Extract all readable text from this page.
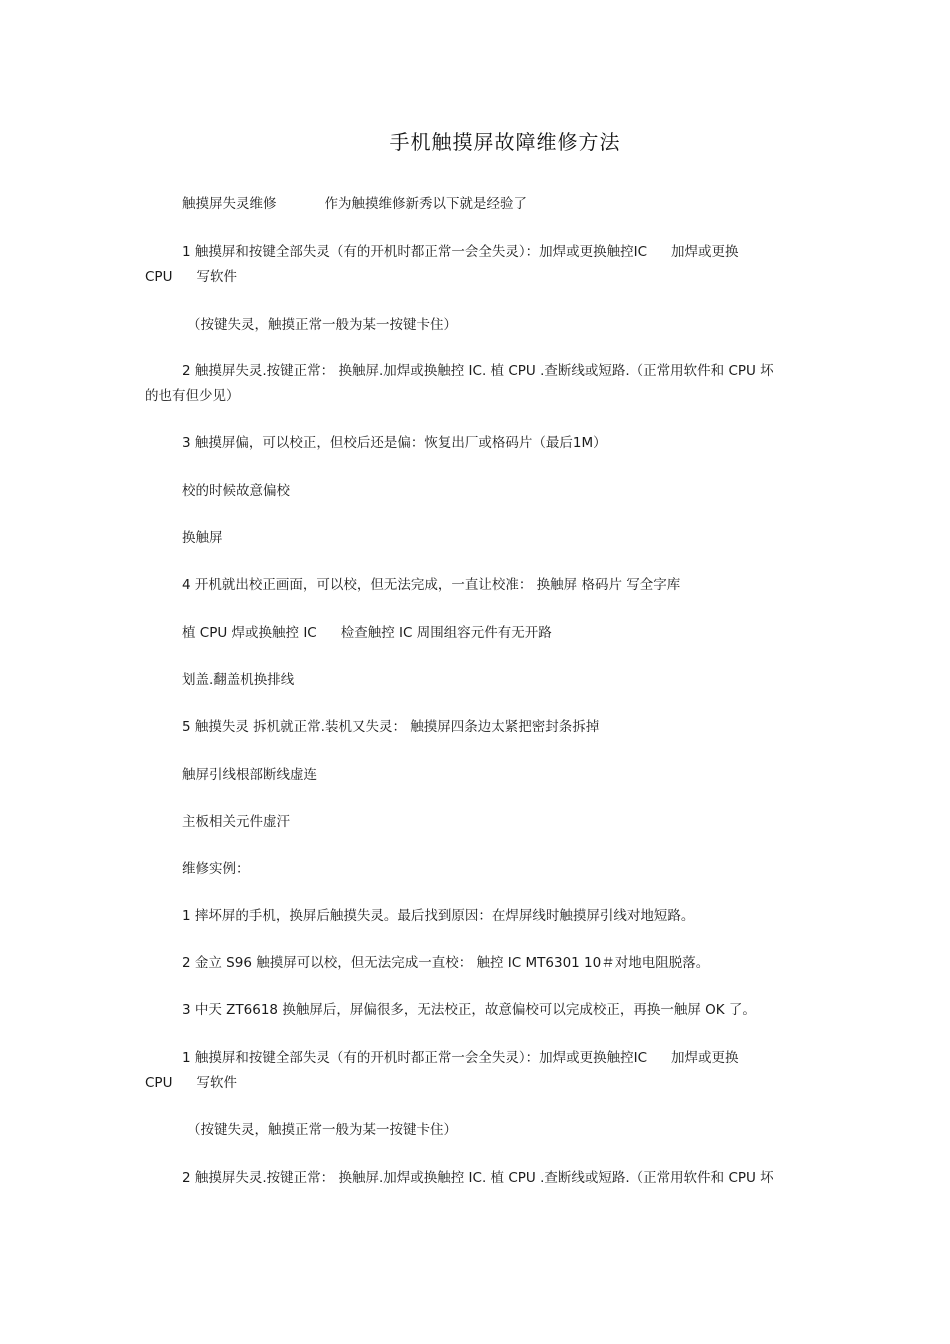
手机触摸屏故障维修方法
触摸屏失灵维修	作为触摸维修新秀以下就是经验了
1 触摸屏和按键全部失灵（有的开机时都正常一会全失灵）：加焊或更换触控IC 加焊或更换
CPU 写软件
（按键失灵，触摸正常一般为某一按键卡住）
2 触摸屏失灵.按键正常： 换触屏.加焊或换触控 IC. 植 CPU .查断线或短路.（正常用软件和 CPU 坏
的也有但少见）
3 触摸屏偏，可以校正，但校后还是偏：恢复出厂或格码片（最后1M）
校的时候故意偏校
换触屏
4 开机就出校正画面，可以校，但无法完成，一直让校准： 换触屏 格码片 写全字库
植 CPU 焊或换触控 IC 检查触控 IC 周围组容元件有无开路
划盖.翻盖机换排线
5 触摸失灵 拆机就正常.装机又失灵： 触摸屏四条边太紧把密封条拆掉
触屏引线根部断线虚连
主板相关元件虚汗
维修实例：
1 摔坏屏的手机，换屏后触摸失灵。最后找到原因：在焊屏线时触摸屏引线对地短路。
2 金立 S96 触摸屏可以校，但无法完成一直校： 触控 IC MT6301 10＃对地电阻脱落。
3 中天 ZT6618 换触屏后，屏偏很多，无法校正，故意偏校可以完成校正，再换一触屏 OK 了。
1 触摸屏和按键全部失灵（有的开机时都正常一会全失灵）：加焊或更换触控IC 加焊或更换
CPU 写软件
（按键失灵，触摸正常一般为某一按键卡住）
2 触摸屏失灵.按键正常： 换触屏.加焊或换触控 IC. 植 CPU .查断线或短路.（正常用软件和 CPU 坏
